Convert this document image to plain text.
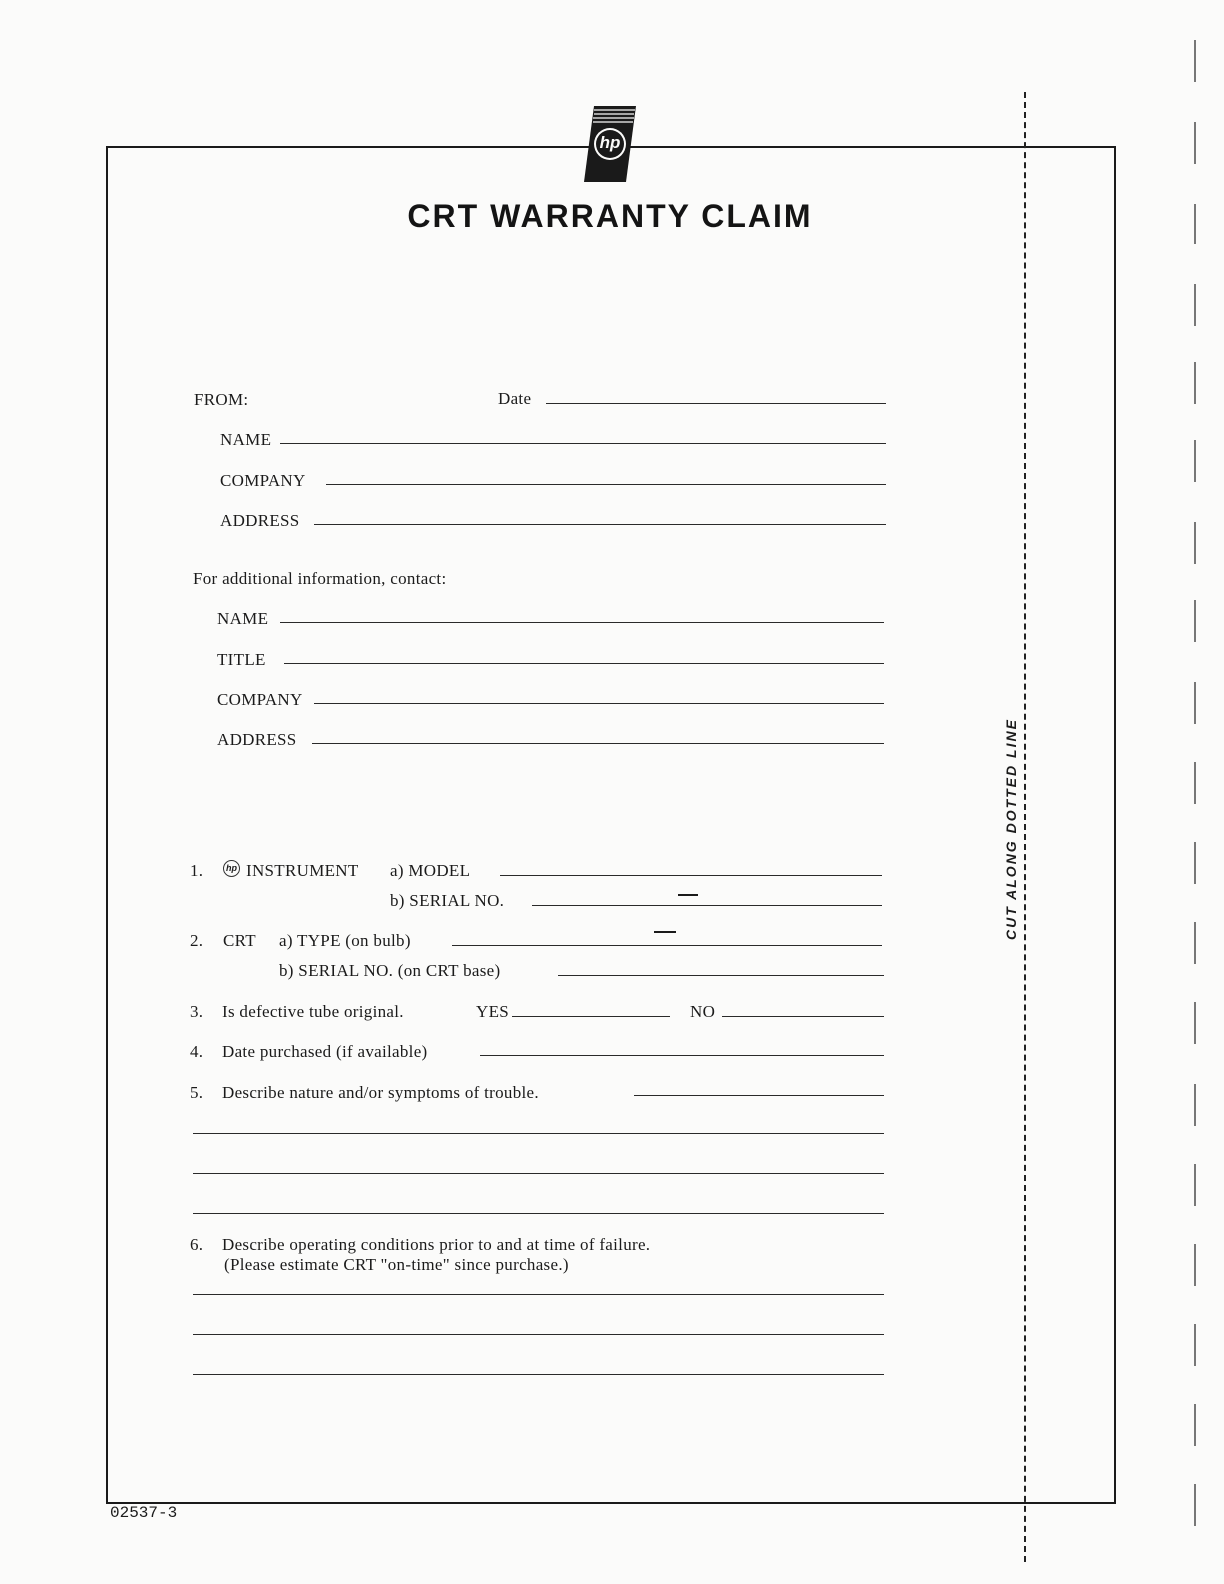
hp
CRT WARRANTY CLAIM
FROM:	Date
NAME
COMPANY
ADDRESS
For additional information, contact:
NAME
TITLE
COMPANY
ADDRESS
1.	hp INSTRUMENT a) MODEL
b) SERIAL NO.
2. CRT a) TYPE (on bulb)
b) SERIAL NO. (on CRT base)
3. Is defective tube original.	YES	NO
4. Date purchased (if available)
5. Describe nature and/or symptoms of trouble.
6. Describe operating conditions prior to and at time of failure.
(Please estimate CRT "on-time" since purchase.)
CUT ALONG DOTTED LINE
02537-3
